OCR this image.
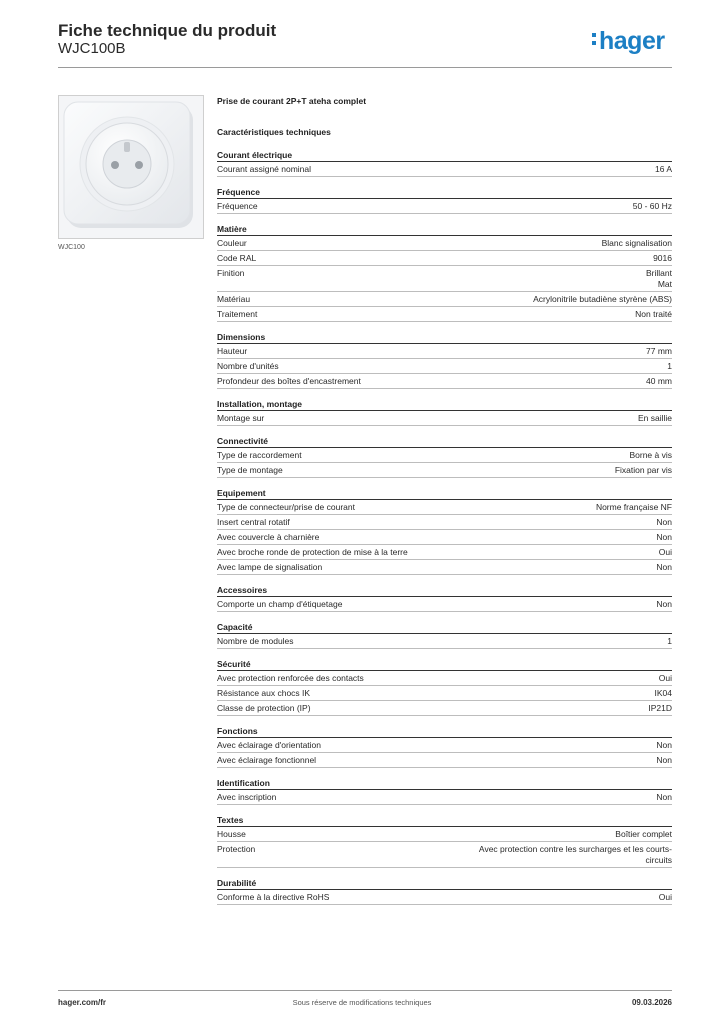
Fiche technique du produit
WJC100B	hager
WJC100
Prise de courant 2P+T ateha complet
Caractéristiques techniques
Courant électrique
Courant assigné nominal	16 A
Fréquence
Fréquence	50 - 60 Hz
Matière
Couleur	Blanc signalisation
Code RAL	9016
Finition	Brillant
Mat
Matériau	Acrylonitrile butadiène styrène (ABS)
Traitement	Non traité
Dimensions
Hauteur	77 mm
Nombre d'unités	1
Profondeur des boîtes d'encastrement	40 mm
Installation, montage
Montage sur	En saillie
Connectivité
Type de raccordement	Borne à vis
Type de montage	Fixation par vis
Equipement
Type de connecteur/prise de courant	Norme française NF
Insert central rotatif	Non
Avec couvercle à charnière	Non
Avec broche ronde de protection de mise à la terre	Oui
Avec lampe de signalisation	Non
Accessoires
Comporte un champ d'étiquetage	Non
Capacité
Nombre de modules	1
Sécurité
Avec protection renforcée des contacts	Oui
Résistance aux chocs IK	IK04
Classe de protection (IP)	IP21D
Fonctions
Avec éclairage d'orientation	Non
Avec éclairage fonctionnel	Non
Identification
Avec inscription	Non
Textes
Housse	Boîtier complet
Protection	Avec protection contre les surcharges et les courts-
circuits
Durabilité
Conforme à la directive RoHS	Oui
hager.com/fr	Sous réserve de modifications techniques	09.03.2026
